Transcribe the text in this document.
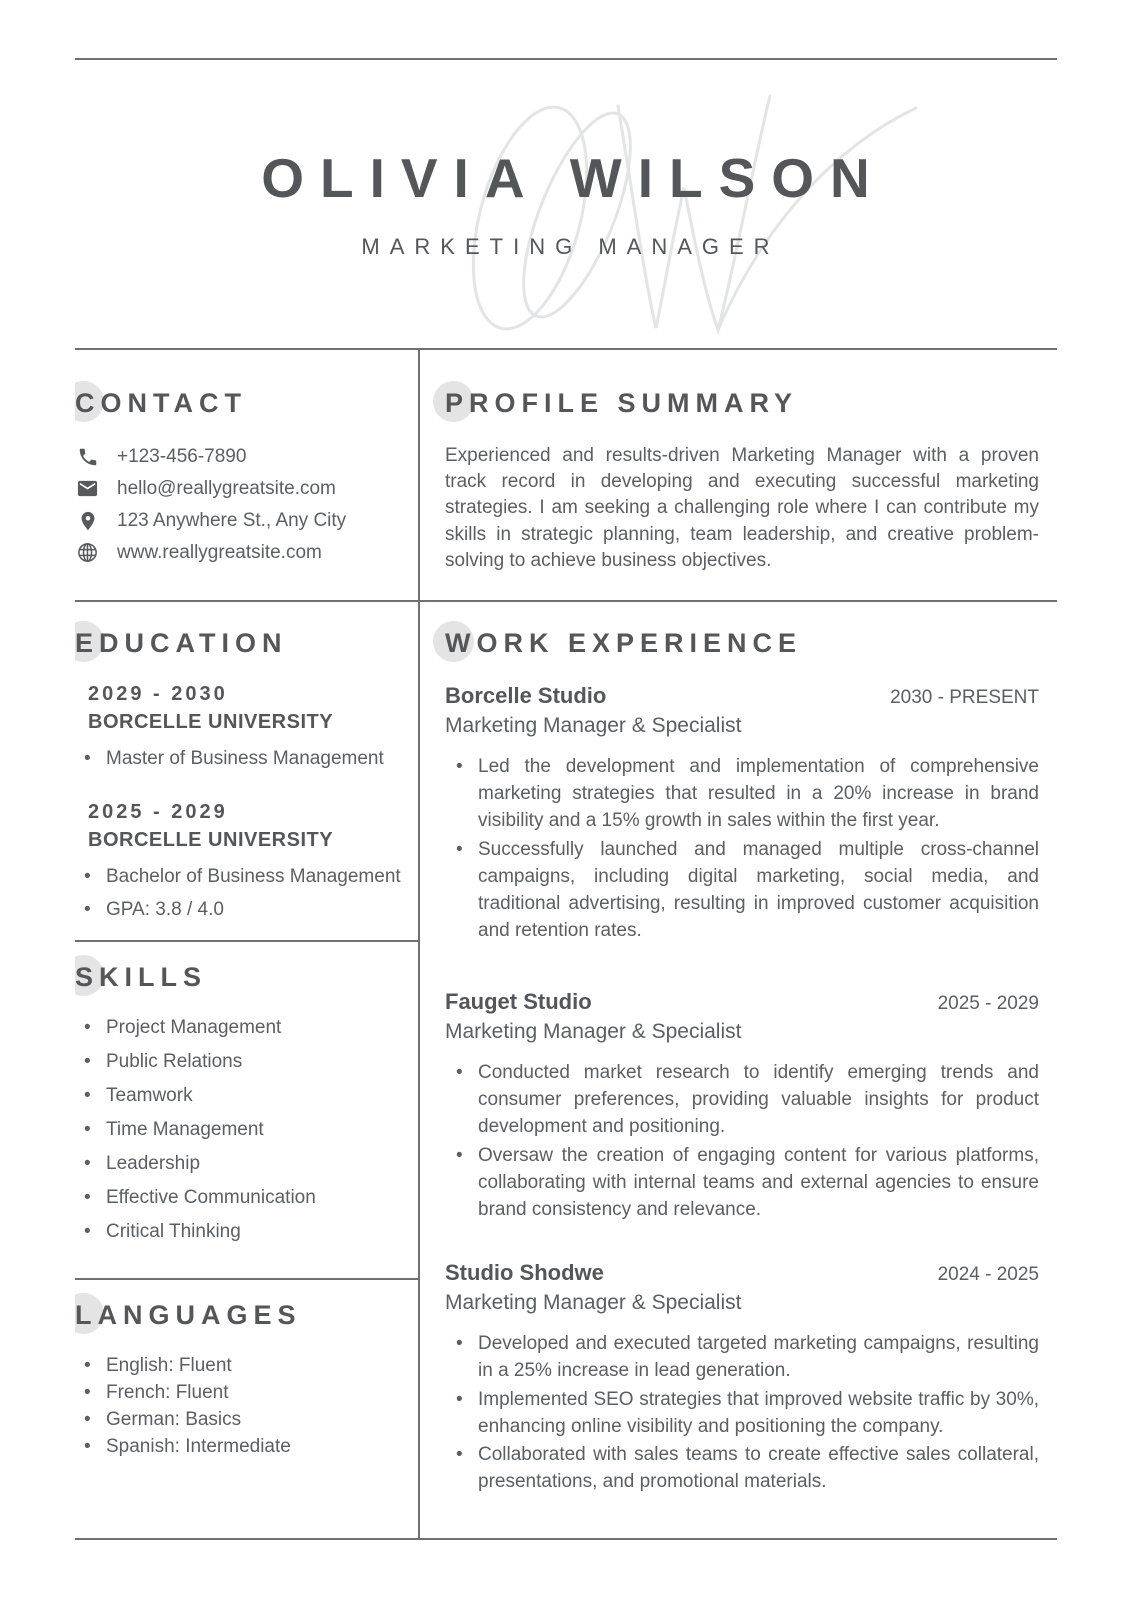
OLIVIA WILSON
MARKETING MANAGER
CONTACT
+123-456-7890
hello@reallygreatsite.com
123 Anywhere St., Any City
www.reallygreatsite.com
PROFILE SUMMARY

Experienced and results-driven Marketing Manager with a proven track record in developing and executing successful marketing strategies. I am seeking a challenging role where I can contribute my skills in strategic planning, team leadership, and creative problem-solving to achieve business objectives.

EDUCATION
2029 - 2030
BORCELLE UNIVERSITY
• Master of Business Management
2025 - 2029
BORCELLE UNIVERSITY
• Bachelor of Business Management
• GPA: 3.8 / 4.0
SKILLS
• Project Management
• Public Relations
• Teamwork
• Time Management
• Leadership
• Effective Communication
• Critical Thinking
LANGUAGES
• English: Fluent
• French: Fluent
• German: Basics
• Spanish: Intermediate
WORK EXPERIENCE
Borcelle Studio	2030 - PRESENT
Marketing Manager & Specialist
• Led the development and implementation of comprehensive marketing strategies that resulted in a 20% increase in brand visibility and a 15% growth in sales within the first year.
• Successfully launched and managed multiple cross-channel campaigns, including digital marketing, social media, and traditional advertising, resulting in improved customer acquisition and retention rates.
Fauget Studio	2025 - 2029
Marketing Manager & Specialist
• Conducted market research to identify emerging trends and consumer preferences, providing valuable insights for product development and positioning.
• Oversaw the creation of engaging content for various platforms, collaborating with internal teams and external agencies to ensure brand consistency and relevance.
Studio Shodwe	2024 - 2025
Marketing Manager & Specialist
• Developed and executed targeted marketing campaigns, resulting in a 25% increase in lead generation.
• Implemented SEO strategies that improved website traffic by 30%, enhancing online visibility and positioning the company.
• Collaborated with sales teams to create effective sales collateral, presentations, and promotional materials.
